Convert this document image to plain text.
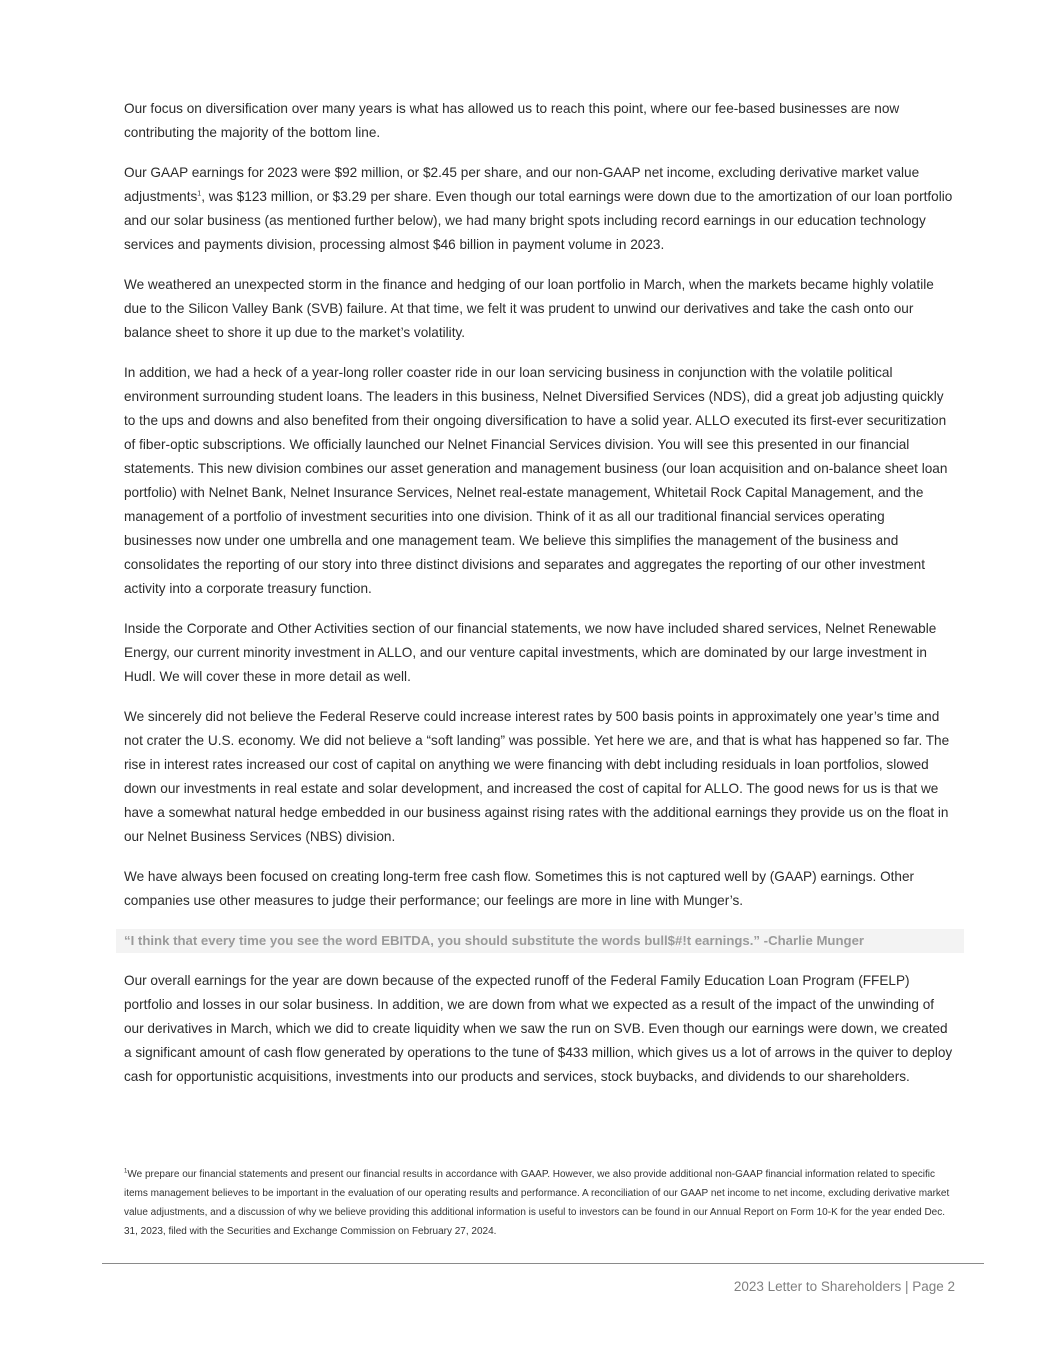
Our focus on diversification over many years is what has allowed us to reach this point, where our fee-based businesses are now contributing the majority of the bottom line.

Our GAAP earnings for 2023 were $92 million, or $2.45 per share, and our non-GAAP net income, excluding derivative market value adjustments$^1$, was $123 million, or $3.29 per share. Even though our total earnings were down due to the amortization of our loan portfolio and our solar business (as mentioned further below), we had many bright spots including record earnings in our education technology services and payments division, processing almost $46 billion in payment volume in 2023.

We weathered an unexpected storm in the finance and hedging of our loan portfolio in March, when the markets became highly volatile due to the Silicon Valley Bank (SVB) failure. At that time, we felt it was prudent to unwind our derivatives and take the cash onto our balance sheet to shore it up due to the market’s volatility.

In addition, we had a heck of a year-long roller coaster ride in our loan servicing business in conjunction with the volatile political environment surrounding student loans. The leaders in this business, Nelnet Diversified Services (NDS), did a great job adjusting quickly to the ups and downs and also benefited from their ongoing diversification to have a solid year. ALLO executed its first-ever securitization of fiber-optic subscriptions. We officially launched our Nelnet Financial Services division. You will see this presented in our financial statements. This new division combines our asset generation and management business (our loan acquisition and on-balance sheet loan portfolio) with Nelnet Bank, Nelnet Insurance Services, Nelnet real-estate management, Whitetail Rock Capital Management, and the management of a portfolio of investment securities into one division. Think of it as all our traditional financial services operating businesses now under one umbrella and one management team. We believe this simplifies the management of the business and consolidates the reporting of our story into three distinct divisions and separates and aggregates the reporting of our other investment activity into a corporate treasury function.

Inside the Corporate and Other Activities section of our financial statements, we now have included shared services, Nelnet Renewable Energy, our current minority investment in ALLO, and our venture capital investments, which are dominated by our large investment in Hudl. We will cover these in more detail as well.

We sincerely did not believe the Federal Reserve could increase interest rates by 500 basis points in approximately one year’s time and not crater the U.S. economy. We did not believe a “soft landing” was possible. Yet here we are, and that is what has happened so far. The rise in interest rates increased our cost of capital on anything we were financing with debt including residuals in loan portfolios, slowed down our investments in real estate and solar development, and increased the cost of capital for ALLO. The good news for us is that we have a somewhat natural hedge embedded in our business against rising rates with the additional earnings they provide us on the float in our Nelnet Business Services (NBS) division.

We have always been focused on creating long-term free cash flow. Sometimes this is not captured well by (GAAP) earnings. Other companies use other measures to judge their performance; our feelings are more in line with Munger’s.

“I think that every time you see the word EBITDA, you should substitute the words bull$#!t earnings.” -Charlie Munger

Our overall earnings for the year are down because of the expected runoff of the Federal Family Education Loan Program (FFELP) portfolio and losses in our solar business. In addition, we are down from what we expected as a result of the impact of the unwinding of our derivatives in March, which we did to create liquidity when we saw the run on SVB. Even though our earnings were down, we created a significant amount of cash flow generated by operations to the tune of $433 million, which gives us a lot of arrows in the quiver to deploy cash for opportunistic acquisitions, investments into our products and services, stock buybacks, and dividends to our shareholders.

$^1$We prepare our financial statements and present our financial results in accordance with GAAP. However, we also provide additional non-GAAP financial information related to specific items management believes to be important in the evaluation of our operating results and performance. A reconciliation of our GAAP net income to net income, excluding derivative market value adjustments, and a discussion of why we believe providing this additional information is useful to investors can be found in our Annual Report on Form 10-K for the year ended Dec. 31, 2023, filed with the Securities and Exchange Commission on February 27, 2024.

2023 Letter to Shareholders | Page 2
